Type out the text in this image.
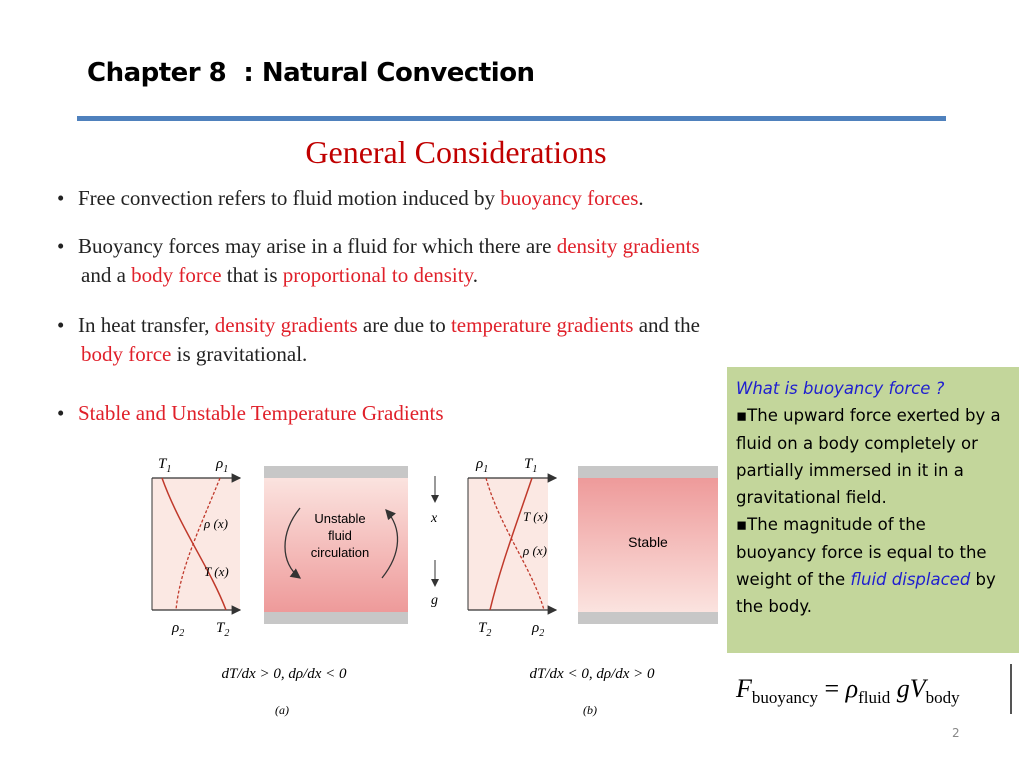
Chapter 8  : Natural Convection
General Considerations
• Free convection refers to fluid motion induced by buoyancy forces.
• Buoyancy forces may arise in a fluid for which there are density gradients
and a body force that is proportional to density.
• In heat transfer, density gradients are due to temperature gradients and the
body force is gravitational.
• Stable and Unstable Temperature Gradients
$T_1$	$\rho_1$
$\rho_2$ $T_2$
ρ (x)
T (x)
Unstable
fluid
circulation
x
g
$\rho_1$ $T_1$
$T_2$	$\rho_2$
T (x)
ρ (x)
Stable
dT/dx > 0, dρ/dx < 0
(a)
dT/dx < 0, dρ/dx > 0
(b)
What is buoyancy force ?
▪The upward force exerted by a fluid on a body completely or partially immersed in it in a gravitational field.
▪The magnitude of the buoyancy force is equal to the weight of the fluid displaced by the body.
$F_{buoyancy} = \rho_{fluid}$ $gV_{body}$
2
